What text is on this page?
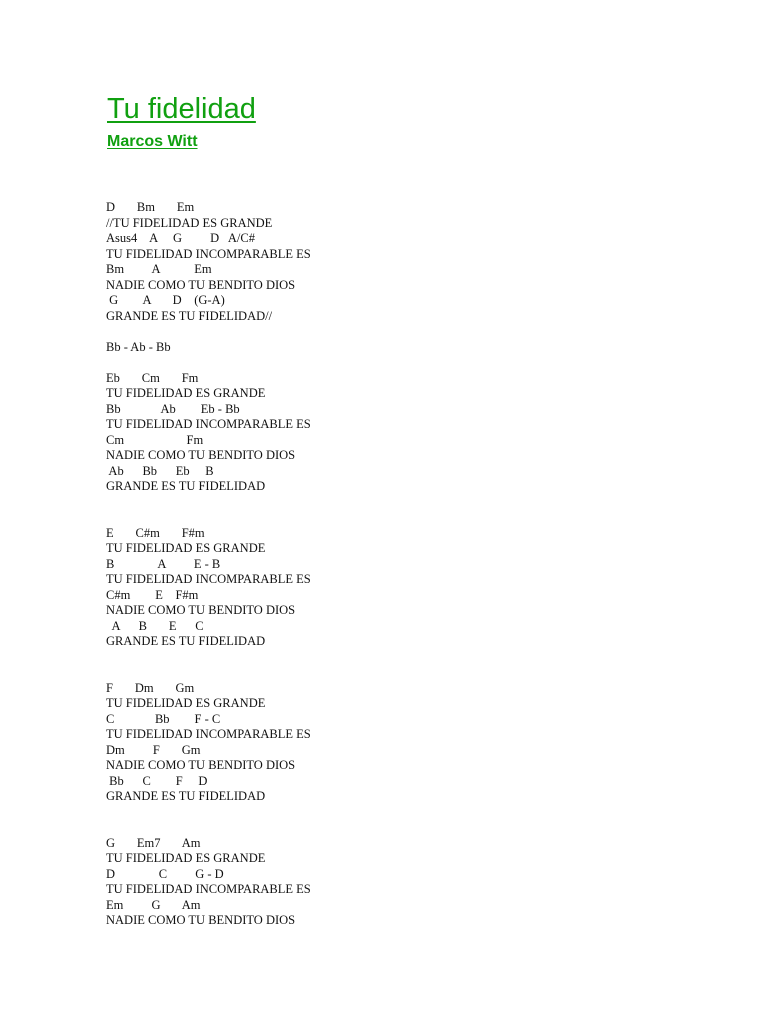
Tu fidelidad
Marcos Witt
D       Bm       Em
//TU FIDELIDAD ES GRANDE
Asus4    A     G         D   A/C#
TU FIDELIDAD INCOMPARABLE ES
Bm         A           Em
NADIE COMO TU BENDITO DIOS
G        A       D    (G-A)
GRANDE ES TU FIDELIDAD//

Bb - Ab - Bb

Eb       Cm       Fm
TU FIDELIDAD ES GRANDE
Bb             Ab        Eb - Bb
TU FIDELIDAD INCOMPARABLE ES
Cm                    Fm
NADIE COMO TU BENDITO DIOS
Ab      Bb      Eb     B
GRANDE ES TU FIDELIDAD

E       C#m       F#m
TU FIDELIDAD ES GRANDE
B              A         E - B
TU FIDELIDAD INCOMPARABLE ES
C#m        E    F#m
NADIE COMO TU BENDITO DIOS
A      B       E      C
GRANDE ES TU FIDELIDAD

F       Dm       Gm
TU FIDELIDAD ES GRANDE
C             Bb        F - C
TU FIDELIDAD INCOMPARABLE ES
Dm         F       Gm
NADIE COMO TU BENDITO DIOS
Bb      C        F     D
GRANDE ES TU FIDELIDAD

G       Em7       Am
TU FIDELIDAD ES GRANDE
D              C         G - D
TU FIDELIDAD INCOMPARABLE ES
Em         G       Am
NADIE COMO TU BENDITO DIOS
